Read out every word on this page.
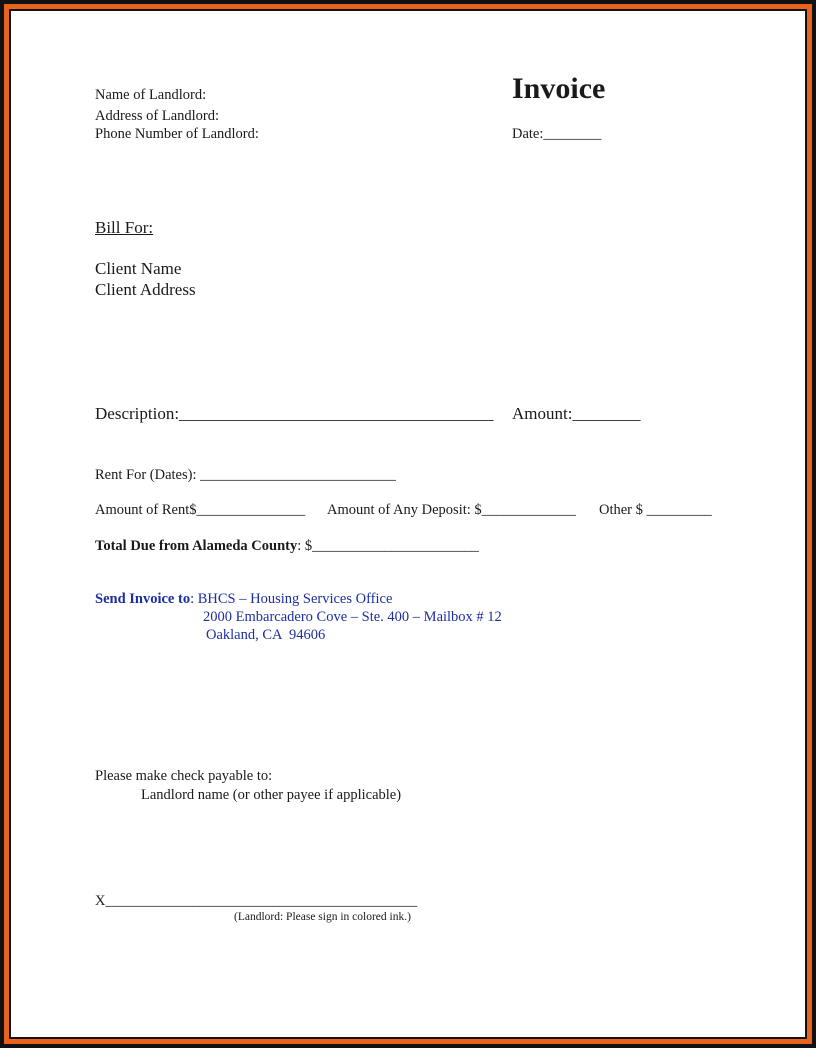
Name of Landlord:
Address of Landlord:
Phone Number of Landlord:
Invoice
Date:________
Bill For:
Client Name
Client Address
Description:_____________________________________ Amount:________
Rent For (Dates): ___________________________
Amount of Rent$_______________ Amount of Any Deposit: $_____________ Other $ _________
Total Due from Alameda County: $_______________________
Send Invoice to: BHCS – Housing Services Office
2000 Embarcadero Cove – Ste. 400 – Mailbox # 12
Oakland, CA  94606
Please make check payable to:
Landlord name (or other payee if applicable)
X___________________________________________
(Landlord: Please sign in colored ink.)
